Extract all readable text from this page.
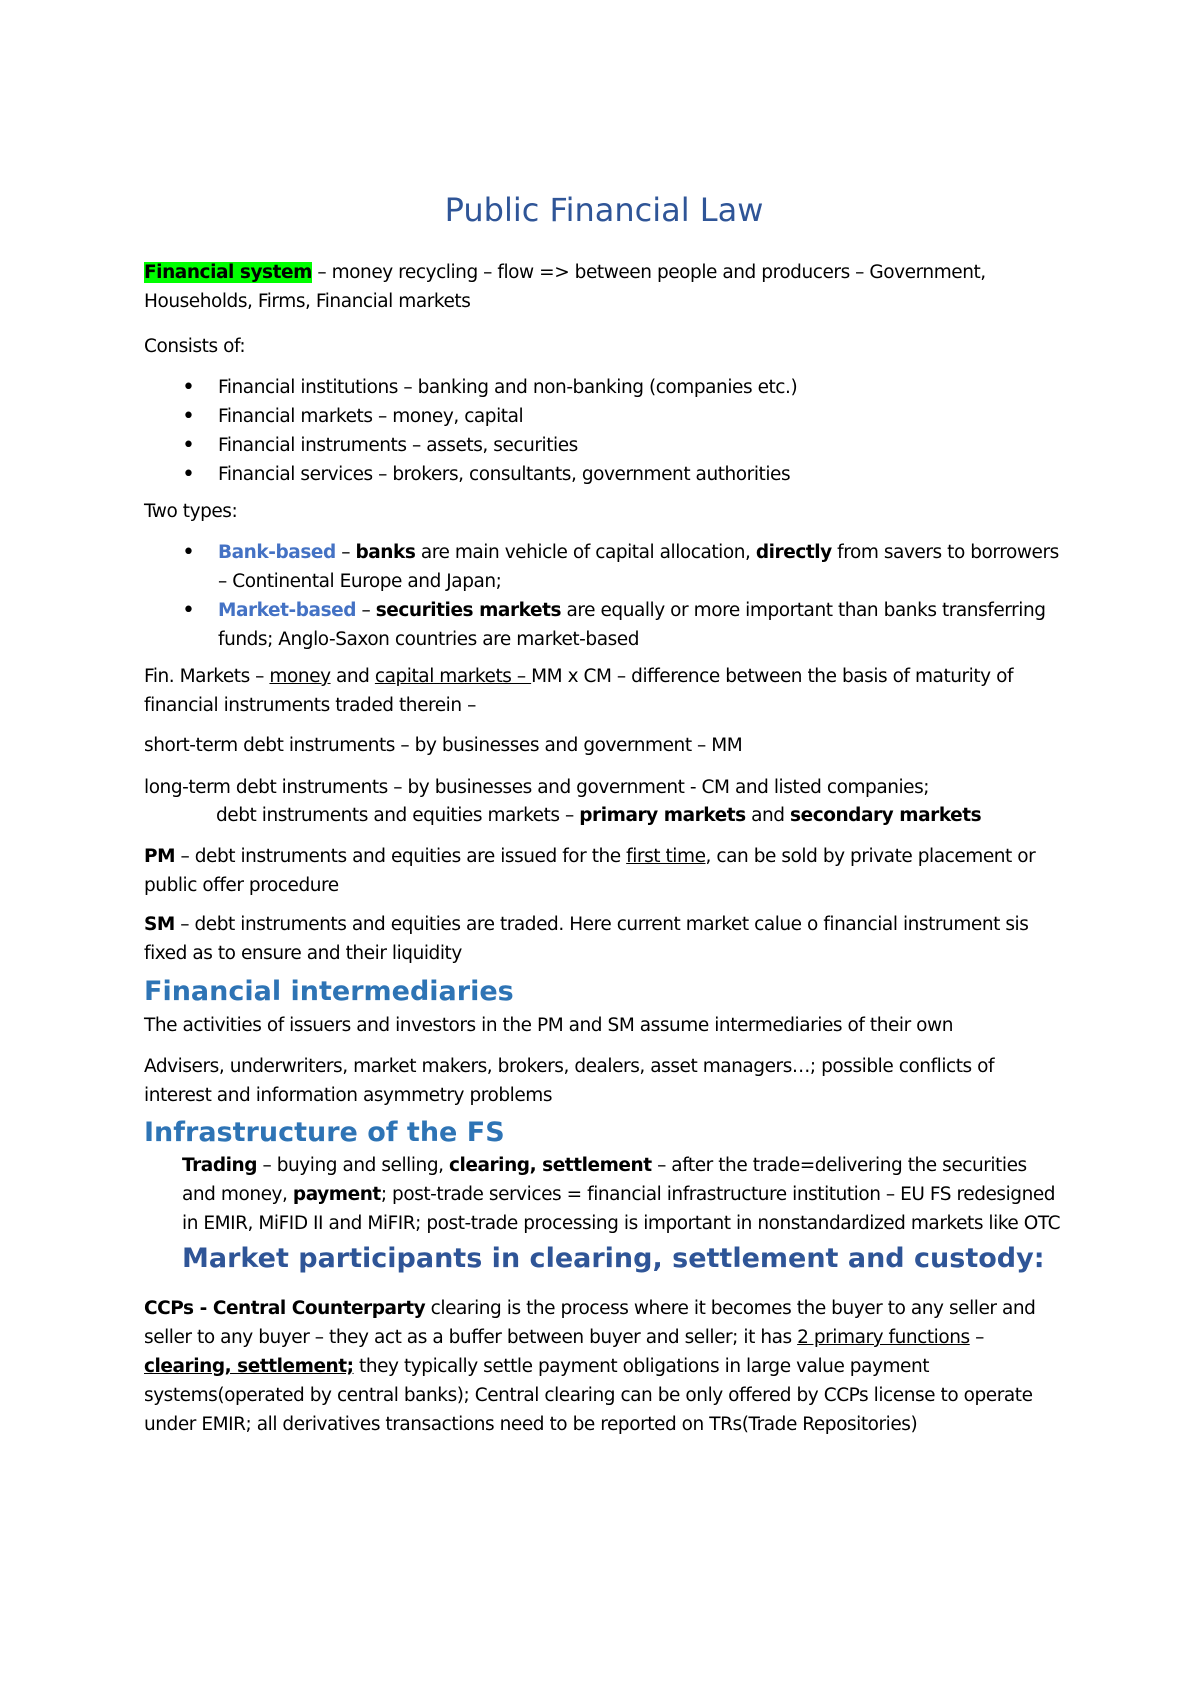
Public Financial Law

Financial system – money recycling – flow => between people and producers – Government, Households, Firms, Financial markets

Consists of:

• Financial institutions – banking and non-banking (companies etc.)
• Financial markets – money, capital
• Financial instruments – assets, securities
• Financial services – brokers, consultants, government authorities

Two types:

• Bank-based – banks are main vehicle of capital allocation, directly from savers to borrowers – Continental Europe and Japan;
• Market-based – securities markets are equally or more important than banks transferring funds; Anglo-Saxon countries are market-based

Fin. Markets – money and capital markets – MM x CM – difference between the basis of maturity of financial instruments traded therein –

short-term debt instruments – by businesses and government – MM

long-term debt instruments – by businesses and government - CM and listed companies;

debt instruments and equities markets – primary markets and secondary markets

PM – debt instruments and equities are issued for the first time, can be sold by private placement or public offer procedure

SM – debt instruments and equities are traded. Here current market calue o financial instrument sis fixed as to ensure and their liquidity

Financial intermediaries

The activities of issuers and investors in the PM and SM assume intermediaries of their own

Advisers, underwriters, market makers, brokers, dealers, asset managers…; possible conflicts of interest and information asymmetry problems

Infrastructure of the FS

Trading – buying and selling, clearing, settlement – after the trade=delivering the securities and money, payment; post-trade services = financial infrastructure institution – EU FS redesigned in EMIR, MiFID II and MiFIR; post-trade processing is important in nonstandardized markets like OTC

Market participants in clearing, settlement and custody:

CCPs - Central Counterparty clearing is the process where it becomes the buyer to any seller and seller to any buyer – they act as a buffer between buyer and seller; it has 2 primary functions – clearing, settlement; they typically settle payment obligations in large value payment systems(operated by central banks); Central clearing can be only offered by CCPs license to operate under EMIR; all derivatives transactions need to be reported on TRs(Trade Repositories)
